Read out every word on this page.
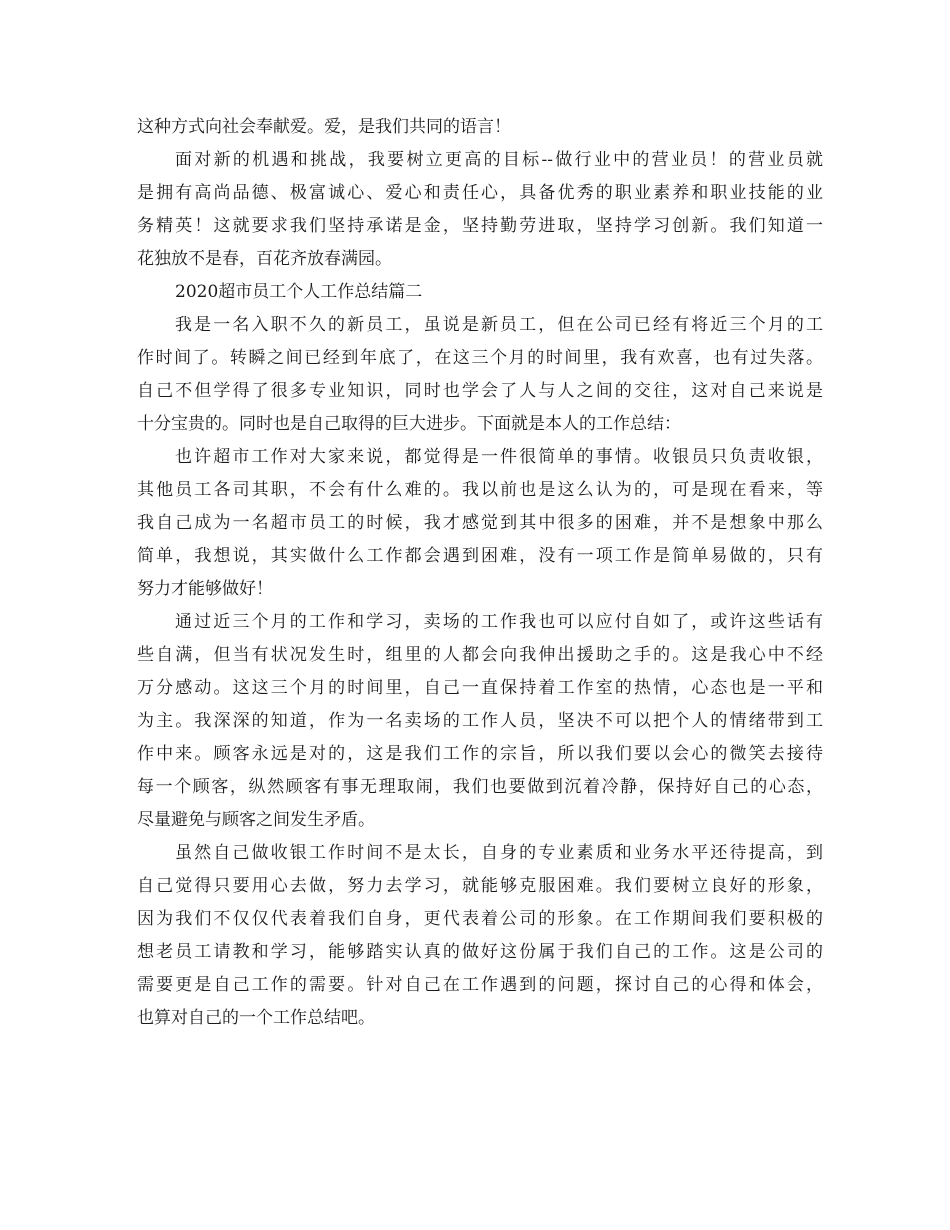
这种方式向社会奉献爱。爱，是我们共同的语言！
面对新的机遇和挑战，我要树立更高的目标--做行业中的营业员！的营业员就
是拥有高尚品德、极富诚心、爱心和责任心，具备优秀的职业素养和职业技能的业
务精英！这就要求我们坚持承诺是金，坚持勤劳进取，坚持学习创新。我们知道一
花独放不是春，百花齐放春满园。
2020超市员工个人工作总结篇二
我是一名入职不久的新员工，虽说是新员工，但在公司已经有将近三个月的工
作时间了。转瞬之间已经到年底了，在这三个月的时间里，我有欢喜，也有过失落。
自己不但学得了很多专业知识，同时也学会了人与人之间的交往，这对自己来说是
十分宝贵的。同时也是自己取得的巨大进步。下面就是本人的工作总结：
也许超市工作对大家来说，都觉得是一件很简单的事情。收银员只负责收银，
其他员工各司其职，不会有什么难的。我以前也是这么认为的，可是现在看来，等
我自己成为一名超市员工的时候，我才感觉到其中很多的困难，并不是想象中那么
简单，我想说，其实做什么工作都会遇到困难，没有一项工作是简单易做的，只有
努力才能够做好！
通过近三个月的工作和学习，卖场的工作我也可以应付自如了，或许这些话有
些自满，但当有状况发生时，组里的人都会向我伸出援助之手的。这是我心中不经
万分感动。这这三个月的时间里，自己一直保持着工作室的热情，心态也是一平和
为主。我深深的知道，作为一名卖场的工作人员，坚决不可以把个人的情绪带到工
作中来。顾客永远是对的，这是我们工作的宗旨，所以我们要以会心的微笑去接待
每一个顾客，纵然顾客有事无理取闹，我们也要做到沉着冷静，保持好自己的心态，
尽量避免与顾客之间发生矛盾。
虽然自己做收银工作时间不是太长，自身的专业素质和业务水平还待提高，到
自己觉得只要用心去做，努力去学习，就能够克服困难。我们要树立良好的形象，
因为我们不仅仅代表着我们自身，更代表着公司的形象。在工作期间我们要积极的
想老员工请教和学习，能够踏实认真的做好这份属于我们自己的工作。这是公司的
需要更是自己工作的需要。针对自己在工作遇到的问题，探讨自己的心得和体会，
也算对自己的一个工作总结吧。
